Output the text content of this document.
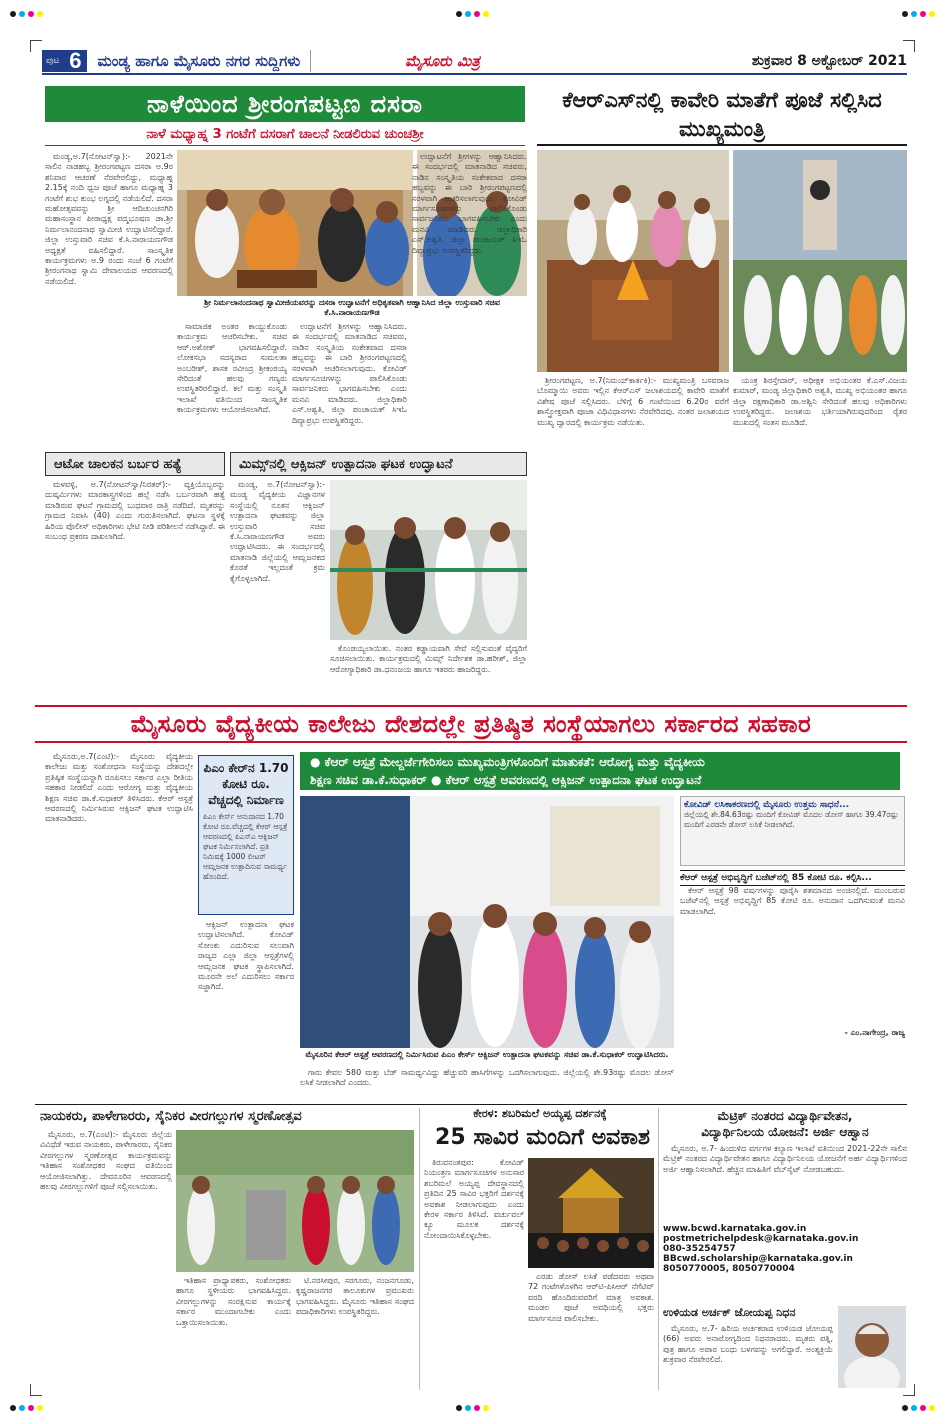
ಪುಟ 6	ಮಂಡ್ಯ ಹಾಗೂ ಮೈಸೂರು ನಗರ ಸುದ್ದಿಗಳು	ಮೈಸೂರು ಮಿತ್ರ	ಶುಕ್ರವಾರ 8 ಅಕ್ಟೋಬರ್ 2021
ನಾಳೆಯಿಂದ ಶ್ರೀರಂಗಪಟ್ಟಣ ದಸರಾ
ನಾಳೆ ಮಧ್ಯಾಹ್ನ 3 ಗಂಟೆಗೆ ದಸರಾಗೆ ಚಾಲನೆ ನೀಡಲಿರುವ ಚುಂಚಶ್ರೀ

ಮಂಡ್ಯ,ಅ.7(ನೋಟನ್‌ಸ್ವಾ):- 2021ನೇ ಸಾಲಿನ ನಾಡಹಬ್ಬ ಶ್ರೀರಂಗಪಟ್ಟಣ ದಸರಾ ಅ.9ರ ಶನಿವಾರ ಆಚರಣೆ ನೆರವೇರಲಿದ್ದು, ಮಧ್ಯಾಹ್ನ 2.15ಕ್ಕೆ ನಂದಿ ಧ್ವಜ ಪೂಜೆ ಹಾಗೂ ಮಧ್ಯಾಹ್ನ 3 ಗಂಟೆಗೆ ಶುಭ ಕುಂಭ ಲಗ್ನದಲ್ಲಿ ನಡೆಯಲಿದೆ. ದಸರಾ ಮಹೋತ್ಸವವನ್ನು ಶ್ರೀ ಆದಿಚುಂಚನಗಿರಿ ಮಹಾಸಂಸ್ಥಾನ ಪೀಠಾಧ್ಯಕ್ಷ ಪದ್ಮಭೂಷಣ ಡಾ.ಶ್ರೀ ನಿರ್ಮಲಾನಂದನಾಥ ಸ್ವಾಮೀಜಿ ಉದ್ಘಾಟಿಸಲಿದ್ದಾರೆ. ಜಿಲ್ಲಾ ಉಸ್ತುವಾರಿ ಸಚಿವ ಕೆ.ಸಿ.ನಾರಾಯಣಗೌಡ ಅಧ್ಯಕ್ಷತೆ ವಹಿಸಲಿದ್ದಾರೆ. ಸಾಂಸ್ಕೃತಿಕ ಕಾರ್ಯಕ್ರಮಗಳು ಅ.9 ರಂದು ಸಂಜೆ 6 ಗಂಟೆಗೆ ಶ್ರೀರಂಗನಾಥ ಸ್ವಾಮಿ ದೇವಾಲಯದ ಆವರಣದಲ್ಲಿ ನಡೆಯಲಿದೆ.

ಶ್ರೀ ನಿರ್ಮಲಾನಂದನಾಥ ಸ್ವಾಮೀಜಿಯವರನ್ನು ದಸರಾ ಉದ್ಘಾಟನೆಗೆ ಅಧಿಕೃತವಾಗಿ ಆಹ್ವಾನಿಸಿದ ಜಿಲ್ಲಾ ಉಸ್ತುವಾರಿ ಸಚಿವ ಕೆ.ಸಿ.ನಾರಾಯಣಗೌಡ

ಸಾಮಾಜಿಕ ಅಂತರ ಕಾಯ್ದುಕೊಂಡು ಕಾರ್ಯಕ್ರಮ ಆಚರಿಸಬೇಕು. ಸಚಿವ ಆರ್.ಅಶೋಕ್ ಭಾಗವಹಿಸಲಿದ್ದಾರೆ. ಲೋಕಸಭಾ ಸದಸ್ಯರಾದ ಸುಮಲತಾ ಅಂಬರೀಶ್, ಶಾಸಕ ರವೀಂದ್ರ ಶ್ರೀಕಂಠಯ್ಯ ಸೇರಿದಂತೆ ಹಲವು ಗಣ್ಯರು ಉಪಸ್ಥಿತರಿರಲಿದ್ದಾರೆ. ಕಲೆ ಮತ್ತು ಸಂಸ್ಕೃತಿ ಇಲಾಖೆ ವತಿಯಿಂದ ಸಾಂಸ್ಕೃತಿಕ ಕಾರ್ಯಕ್ರಮಗಳು ಆಯೋಜಿಸಲಾಗಿದೆ.

ಉದ್ಘಾಟನೆಗೆ ಶ್ರೀಗಳನ್ನು ಆಹ್ವಾನಿಸಿದರು. ಈ ಸಂದರ್ಭದಲ್ಲಿ ಮಾತನಾಡಿದ ಸಚಿವರು, ನಾಡಿನ ಸಂಸ್ಕೃತಿಯ ಸಂಕೇತವಾದ ದಸರಾ ಹಬ್ಬವನ್ನು ಈ ಬಾರಿ ಶ್ರೀರಂಗಪಟ್ಟಣದಲ್ಲಿ ಸರಳವಾಗಿ ಆಚರಿಸಲಾಗುವುದು. ಕೋವಿಡ್ ಮಾರ್ಗಸೂಚಿಗಳನ್ನು ಪಾಲಿಸಿಕೊಂಡು ಸಾರ್ವಜನಿಕರು ಭಾಗವಹಿಸಬೇಕು ಎಂದು ಮನವಿ ಮಾಡಿದರು. ಜಿಲ್ಲಾಧಿಕಾರಿ ಎಸ್.ಅಶ್ವತಿ, ಜಿಲ್ಲಾ ಪಂಚಾಯತ್ ಸಿಇಓ ದಿವ್ಯಾಪ್ರಭು ಉಪಸ್ಥಿತರಿದ್ದರು.

ಉದ್ಘಾಟನೆಗೆ ಶ್ರೀಗಳನ್ನು ಆಹ್ವಾನಿಸಿದರು. ಈ ಸಂದರ್ಭದಲ್ಲಿ ಮಾತನಾಡಿದ ಸಚಿವರು, ನಾಡಿನ ಸಂಸ್ಕೃತಿಯ ಸಂಕೇತವಾದ ದಸರಾ ಹಬ್ಬವನ್ನು ಈ ಬಾರಿ ಶ್ರೀರಂಗಪಟ್ಟಣದಲ್ಲಿ ಸರಳವಾಗಿ ಆಚರಿಸಲಾಗುವುದು. ಕೋವಿಡ್ ಮಾರ್ಗಸೂಚಿಗಳನ್ನು ಪಾಲಿಸಿಕೊಂಡು ಸಾರ್ವಜನಿಕರು ಭಾಗವಹಿಸಬೇಕು ಎಂದು ಮನವಿ ಮಾಡಿದರು. ಜಿಲ್ಲಾಧಿಕಾರಿ ಎಸ್.ಅಶ್ವತಿ, ಜಿಲ್ಲಾ ಪಂಚಾಯತ್ ಸಿಇಓ ದಿವ್ಯಾಪ್ರಭು ಉಪಸ್ಥಿತರಿದ್ದರು.

ಕೆಆರ್‌ಎಸ್‌ನಲ್ಲಿ ಕಾವೇರಿ ಮಾತೆಗೆ ಪೂಜೆ ಸಲ್ಲಿಸಿದ ಮುಖ್ಯಮಂತ್ರಿ

ಶ್ರೀರಂಗಪಟ್ಟಣ, ಅ.7(ನಿಮಯ್‌ಕಾರ್ತಕಿ):- ಮುಖ್ಯಮಂತ್ರಿ ಬಸವರಾಜ ಬೊಮ್ಮಾಯಿ ಅವರು ಇಲ್ಲಿನ ಕೆಆರ್‌ಎಸ್ ಜಲಾಶಯದಲ್ಲಿ ಕಾವೇರಿ ಮಾತೆಗೆ ವಿಶೇಷ ಪೂಜೆ ಸಲ್ಲಿಸಿದರು. ಬೆಳಿಗ್ಗೆ 6 ಗಂಟೆಯಿಂದ 6.20ರ ವರೆಗೆ ಶಾಸ್ತ್ರೋಕ್ತವಾಗಿ ಪೂಜಾ ವಿಧಿವಿಧಾನಗಳು ನೆರವೇರಿದವು. ನಂತರ ಜಲಾಶಯದ ಮುಖ್ಯ ದ್ವಾರದಲ್ಲಿ ಕಾರ್ಯಕ್ರಮ ನಡೆಯಿತು.

ಯಂತ್ರ ಶಿರಸ್ತೇದಾರ್, ಅಧೀಕ್ಷಕ ಅಭಿಯಂತರ ಕೆ.ಎಸ್.ವಿಜಯ ಕುಮಾರ್, ಮಂಡ್ಯ ಜಿಲ್ಲಾಧಿಕಾರಿ ಅಶ್ವತಿ, ಮುಖ್ಯ ಅಭಿಯಂತರ ಹಾಗೂ ಜಿಲ್ಲಾ ರಕ್ಷಣಾಧಿಕಾರಿ ಡಾ.ಅಶ್ವಿನಿ ಸೇರಿದಂತೆ ಹಲವು ಅಧಿಕಾರಿಗಳು ಉಪಸ್ಥಿತರಿದ್ದರು. ಜಲಾಶಯ ಭರ್ತಿಯಾಗಿರುವುದರಿಂದ ರೈತರ ಮುಖದಲ್ಲಿ ಸಂತಸ ಮೂಡಿದೆ.

ಆಟೋ ಚಾಲಕನ ಬರ್ಬರ ಹತ್ಯೆ

ಮಳವಳ್ಳಿ, ಅ.7(ನೋಟನ್‌ಸ್ವಾ/ನಿರತರ್):- ವ್ಯಕ್ತಿಯೊಬ್ಬರನ್ನು ದುಷ್ಕರ್ಮಿಗಳು ಮಾರಕಾಸ್ತ್ರಗಳಿಂದ ಹಲ್ಲೆ ನಡೆಸಿ ಬರ್ಬರವಾಗಿ ಹತ್ಯೆ ಮಾಡಿರುವ ಘಟನೆ ಗ್ರಾಮದಲ್ಲಿ ಬುಧವಾರ ರಾತ್ರಿ ನಡೆದಿದೆ. ಮೃತರನ್ನು ಗ್ರಾಮದ ನಿವಾಸಿ (40) ಎಂದು ಗುರುತಿಸಲಾಗಿದೆ. ಘಟನಾ ಸ್ಥಳಕ್ಕೆ ಹಿರಿಯ ಪೊಲೀಸ್ ಅಧಿಕಾರಿಗಳು ಭೇಟಿ ನೀಡಿ ಪರಿಶೀಲನೆ ನಡೆಸಿದ್ದಾರೆ. ಈ ಸಂಬಂಧ ಪ್ರಕರಣ ದಾಖಲಾಗಿದೆ.

ಮಿಮ್ಸ್‌ನಲ್ಲಿ ಆಕ್ಸಿಜನ್ ಉತ್ಪಾದನಾ ಘಟಕ ಉದ್ಘಾಟನೆ

ಮಂಡ್ಯ, ಅ.7(ನೋಟನ್‌ಸ್ವಾ):- ಮಂಡ್ಯ ವೈದ್ಯಕೀಯ ವಿಜ್ಞಾನಗಳ ಸಂಸ್ಥೆಯಲ್ಲಿ ನೂತನ ಆಕ್ಸಿಜನ್ ಉತ್ಪಾದನಾ ಘಟಕವನ್ನು ಜಿಲ್ಲಾ ಉಸ್ತುವಾರಿ ಸಚಿವ ಕೆ.ಸಿ.ನಾರಾಯಣಗೌಡ ಅವರು ಉದ್ಘಾಟಿಸಿದರು. ಈ ಸಂದರ್ಭದಲ್ಲಿ ಮಾತನಾಡಿ ಜಿಲ್ಲೆಯಲ್ಲಿ ಆಮ್ಲಜನಕದ ಕೊರತೆ ಇಲ್ಲದಂತೆ ಕ್ರಮ ಕೈಗೊಳ್ಳಲಾಗಿದೆ.

ಕೊಂಡಯ್ಯಲಾಯಿತು. ನಂತರ ಕಡ್ಡಾಯವಾಗಿ ಸೇವೆ ಸಲ್ಲಿಸುವಂತೆ ವೈದ್ಯರಿಗೆ ಸೂಚಿಸಲಾಯಿತು. ಕಾರ್ಯಕ್ರಮದಲ್ಲಿ ಮಿಮ್ಸ್ ನಿರ್ದೇಶಕ ಡಾ.ಹರೀಶ್, ಜಿಲ್ಲಾ ಆರೋಗ್ಯಾಧಿಕಾರಿ ಡಾ.ಧನಂಜಯ ಹಾಗೂ ಇತರರು ಹಾಜರಿದ್ದರು.

ಮೈಸೂರು ವೈದ್ಯಕೀಯ ಕಾಲೇಜು ದೇಶದಲ್ಲೇ ಪ್ರತಿಷ್ಠಿತ ಸಂಸ್ಥೆಯಾಗಲು ಸರ್ಕಾರದ ಸಹಕಾರ
● ಕೆಆರ್ ಆಸ್ಪತ್ರೆ ಮೇಲ್ದರ್ಜೆಗೇರಿಸಲು ಮುಖ್ಯಮಂತ್ರಿಗಳೊಂದಿಗೆ ಮಾತುಕತೆ: ಆರೋಗ್ಯ ಮತ್ತು ವೈದ್ಯಕೀಯ
ಶಿಕ್ಷಣ ಸಚಿವ ಡಾ.ಕೆ.ಸುಧಾಕರ್ ● ಕೆಆರ್ ಆಸ್ಪತ್ರೆ ಆವರಣದಲ್ಲಿ ಆಕ್ಸಿಜನ್ ಉತ್ಪಾದನಾ ಘಟಕ ಉದ್ಘಾಟನೆ

ಮೈಸೂರು,ಅ.7(ಎಂಟಿ):- ಮೈಸೂರು ವೈದ್ಯಕೀಯ ಕಾಲೇಜು ಮತ್ತು ಸಂಶೋಧನಾ ಸಂಸ್ಥೆಯನ್ನು ದೇಶದಲ್ಲೇ ಪ್ರತಿಷ್ಠಿತ ಸಂಸ್ಥೆಯನ್ನಾಗಿ ರೂಪಿಸಲು ಸರ್ಕಾರ ಎಲ್ಲಾ ರೀತಿಯ ಸಹಕಾರ ನೀಡಲಿದೆ ಎಂದು ಆರೋಗ್ಯ ಮತ್ತು ವೈದ್ಯಕೀಯ ಶಿಕ್ಷಣ ಸಚಿವ ಡಾ.ಕೆ.ಸುಧಾಕರ್ ತಿಳಿಸಿದರು. ಕೆಆರ್ ಆಸ್ಪತ್ರೆ ಆವರಣದಲ್ಲಿ ನಿರ್ಮಿಸಿರುವ ಆಕ್ಸಿಜನ್ ಘಟಕ ಉದ್ಘಾಟಿಸಿ ಮಾತನಾಡಿದರು.

ಪಿಎಂ ಕೇರ್‌ನ 1.70 ಕೋಟಿ ರೂ. ವೆಚ್ಚದಲ್ಲಿ ನಿರ್ಮಾಣ
ಪಿಎಂ ಕೇರ್ಸ್ ಅನುದಾನದ 1.70 ಕೋಟಿ ರೂ.ವೆಚ್ಚದಲ್ಲಿ ಕೆಆರ್ ಆಸ್ಪತ್ರೆ ಆವರಣದಲ್ಲಿ ಪಿಎಸ್‌ಎ ಆಕ್ಸಿಜನ್ ಘಟಕ ನಿರ್ಮಿಸಲಾಗಿದೆ. ಪ್ರತಿ ನಿಮಿಷಕ್ಕೆ 1000 ಲೀಟರ್ ಆಮ್ಲಜನಕ ಉತ್ಪಾದಿಸುವ ಸಾಮರ್ಥ್ಯ ಹೊಂದಿದೆ.

ಆಕ್ಸಿಜನ್ ಉತ್ಪಾದನಾ ಘಟಕ ಉದ್ಘಾಟಿಸಲಾಗಿದೆ. ಕೋವಿಡ್ ಸೋಂಕು ಎದುರಿಸುವ ಸಲುವಾಗಿ ರಾಜ್ಯದ ಎಲ್ಲಾ ಜಿಲ್ಲಾ ಆಸ್ಪತ್ರೆಗಳಲ್ಲಿ ಆಮ್ಲಜನಕ ಘಟಕ ಸ್ಥಾಪಿಸಲಾಗಿದೆ. ಮೂರನೇ ಅಲೆ ಎದುರಿಸಲು ಸರ್ಕಾರ ಸಜ್ಜಾಗಿದೆ.

ಮೈಸೂರಿನ ಕೆಆರ್ ಆಸ್ಪತ್ರೆ ಆವರಣದಲ್ಲಿ ನಿರ್ಮಿಸಿರುವ ಪಿಎಂ ಕೇರ್ಸ್ ಆಕ್ಸಿಜನ್ ಉತ್ಪಾದನಾ ಘಟಕವನ್ನು ಸಚಿವ ಡಾ.ಕೆ.ಸುಧಾಕರ್ ಉದ್ಘಾಟಿಸಿದರು.
ಕೋವಿಡ್ ಲಸಿಕಾಕರಣದಲ್ಲಿ ಮೈಸೂರು ಉತ್ತಮ ಸಾಧನೆ...
ಜಿಲ್ಲೆಯಲ್ಲಿ ಶೇ.84.63ರಷ್ಟು ಮಂದಿಗೆ ಕೋವಿಡ್ ಮೊದಲ ಡೋಸ್ ಹಾಗೂ 39.47ರಷ್ಟು ಮಂದಿಗೆ ಎರಡನೇ ಡೋಸ್ ಲಸಿಕೆ ನೀಡಲಾಗಿದೆ.
ಕೆಆರ್ ಆಸ್ಪತ್ರೆ ಅಭಿವೃದ್ಧಿಗೆ ಬಜೆಟ್‌ನಲ್ಲಿ 85 ಕೋಟಿ ರೂ. ಕಲ್ಪಿಸಿ...

ಕೆಆರ್ ಆಸ್ಪತ್ರೆ 98 ವರ್ಷಗಳನ್ನು ಪೂರೈಸಿ ಶತಮಾನದ ಅಂಚಿನಲ್ಲಿದೆ. ಮುಂಬರುವ ಬಜೆಟ್‌ನಲ್ಲಿ ಆಸ್ಪತ್ರೆ ಅಭಿವೃದ್ಧಿಗೆ 85 ಕೋಟಿ ರೂ. ಅನುದಾನ ಒದಗಿಸುವಂತೆ ಮನವಿ ಮಾಡಲಾಗಿದೆ.

- ಎಂ.ನಾಗೇಂದ್ರ, ರಾಜ್ಯ

ಗಾರು ಕೇವಲ 580 ಮತ್ತು ಬೆಡ್ ಸಾಮರ್ಥ್ಯವಿದ್ದು ಹೆಚ್ಚುವರಿ ಹಾಸಿಗೆಗಳನ್ನು ಒದಗಿಸಲಾಗುವುದು. ಜಿಲ್ಲೆಯಲ್ಲಿ ಶೇ.93ರಷ್ಟು ಮೊದಲ ಡೋಸ್ ಲಸಿಕೆ ನೀಡಲಾಗಿದೆ ಎಂದರು.

ನಾಯಕರು, ಪಾಳೇಗಾರರು, ಸೈನಿಕರ ವೀರಗಲ್ಲುಗಳ ಸ್ಮರಣೋತ್ಸವ

ಮೈಸೂರು, ಅ.7(ಎಂಟಿ):- ಮೈಸೂರು ಜಿಲ್ಲೆಯ ವಿವಿಧೆಡೆ ಇರುವ ನಾಯಕರು, ಪಾಳೇಗಾರರು, ಸೈನಿಕರ ವೀರಗಲ್ಲುಗಳ ಸ್ಮರಣೋತ್ಸವ ಕಾರ್ಯಕ್ರಮವನ್ನು ಇತಿಹಾಸ ಸಂಶೋಧಕರ ಸಂಘದ ವತಿಯಿಂದ ಆಯೋಜಿಸಲಾಗಿತ್ತು. ದೇವನೂರಿನ ಆವರಣದಲ್ಲಿ ಹಲವು ವೀರಗಲ್ಲುಗಳಿಗೆ ಪೂಜೆ ಸಲ್ಲಿಸಲಾಯಿತು.

ಇತಿಹಾಸ ಪ್ರಾಧ್ಯಾಪಕರು, ಸಂಶೋಧಕರು ಹಾಗೂ ಸ್ಥಳೀಯರು ಭಾಗವಹಿಸಿದ್ದರು. ವೀರಗಲ್ಲುಗಳನ್ನು ಸಂರಕ್ಷಿಸುವ ಕಾರ್ಯಕ್ಕೆ ಸರ್ಕಾರ ಮುಂದಾಗಬೇಕು ಎಂದು ಒತ್ತಾಯಿಸಲಾಯಿತು.

ಟಿ.ನರಸೀಪುರ, ಸರಗೂರು, ನಂಜನಗೂಡು, ಕೃಷ್ಣರಾಜನಗರ ತಾಲೂಕುಗಳ ಪ್ರಮುಖರು ಭಾಗವಹಿಸಿದ್ದರು. ಮೈಸೂರು ಇತಿಹಾಸ ಸಂಘದ ಪದಾಧಿಕಾರಿಗಳು ಉಪಸ್ಥಿತರಿದ್ದರು.

ಕೇರಳ: ಶಬರಿಮಲೆ ಅಯ್ಯಪ್ಪ ದರ್ಶನಕ್ಕೆ
25 ಸಾವಿರ ಮಂದಿಗೆ ಅವಕಾಶ

ತಿರುವನಂತಪುರ: ಕೋವಿಡ್ ನಿಯಂತ್ರಣ ಮಾರ್ಗಸೂಚಿಗಳ ಅನುಸಾರ ಶಬರಿಮಲೆ ಅಯ್ಯಪ್ಪ ದೇವಸ್ಥಾನದಲ್ಲಿ ಪ್ರತಿದಿನ 25 ಸಾವಿರ ಭಕ್ತರಿಗೆ ದರ್ಶನಕ್ಕೆ ಅವಕಾಶ ನೀಡಲಾಗುವುದು ಎಂದು ಕೇರಳ ಸರ್ಕಾರ ತಿಳಿಸಿದೆ. ವರ್ಚುವಲ್ ಕ್ಯೂ ಮೂಲಕ ದರ್ಶನಕ್ಕೆ ನೋಂದಾಯಿಸಿಕೊಳ್ಳಬೇಕು.

ಎರಡು ಡೋಸ್ ಲಸಿಕೆ ಪಡೆದವರು ಅಥವಾ 72 ಗಂಟೆಗಳೊಳಗಿನ ಆರ್‌ಟಿ-ಪಿಸಿಆರ್ ನೆಗೆಟಿವ್ ವರದಿ ಹೊಂದಿರುವವರಿಗೆ ಮಾತ್ರ ಅವಕಾಶ. ಮಂಡಲ ಪೂಜೆ ಅವಧಿಯಲ್ಲಿ ಭಕ್ತರು ಮಾರ್ಗಸೂಚಿ ಪಾಲಿಸಬೇಕು.

ಮೆಟ್ರಿಕ್ ನಂತರದ ವಿದ್ಯಾರ್ಥಿವೇತನ,
ವಿದ್ಯಾರ್ಥಿನಿಲಯ ಯೋಜನೆ: ಅರ್ಜಿ ಆಹ್ವಾನ

ಮೈಸೂರು, ಅ.7- ಹಿಂದುಳಿದ ವರ್ಗಗಳ ಕಲ್ಯಾಣ ಇಲಾಖೆ ವತಿಯಿಂದ 2021-22ನೇ ಸಾಲಿನ ಮೆಟ್ರಿಕ್ ನಂತರದ ವಿದ್ಯಾರ್ಥಿವೇತನ ಹಾಗೂ ವಿದ್ಯಾರ್ಥಿನಿಲಯ ಯೋಜನೆಗೆ ಅರ್ಹ ವಿದ್ಯಾರ್ಥಿಗಳಿಂದ ಅರ್ಜಿ ಆಹ್ವಾನಿಸಲಾಗಿದೆ. ಹೆಚ್ಚಿನ ಮಾಹಿತಿಗೆ ವೆಬ್‌ಸೈಟ್ ನೋಡಬಹುದು.

www.bcwd.karnataka.gov.in
postmetrichelpdesk@karnataka.gov.in
080-35254757
BBcwd.scholarship@karnataka.gov.in
8050770005, 8050770004
ಉಳಿಯಡ ಅರ್ಚಕ್ ಜೋಯಪ್ಪ ನಿಧನ

ಮೈಸೂರು, ಅ.7- ಹಿರಿಯ ಅರ್ಚಕರಾದ ಉಳಿಯಡ ಜೋಯಪ್ಪ (66) ಅವರು ಅನಾರೋಗ್ಯದಿಂದ ನಿಧನರಾದರು. ಮೃತರು ಪತ್ನಿ, ಪುತ್ರ ಹಾಗೂ ಅಪಾರ ಬಂಧು ಬಳಗವನ್ನು ಅಗಲಿದ್ದಾರೆ. ಅಂತ್ಯಕ್ರಿಯೆ ಶುಕ್ರವಾರ ನೆರವೇರಲಿದೆ.
